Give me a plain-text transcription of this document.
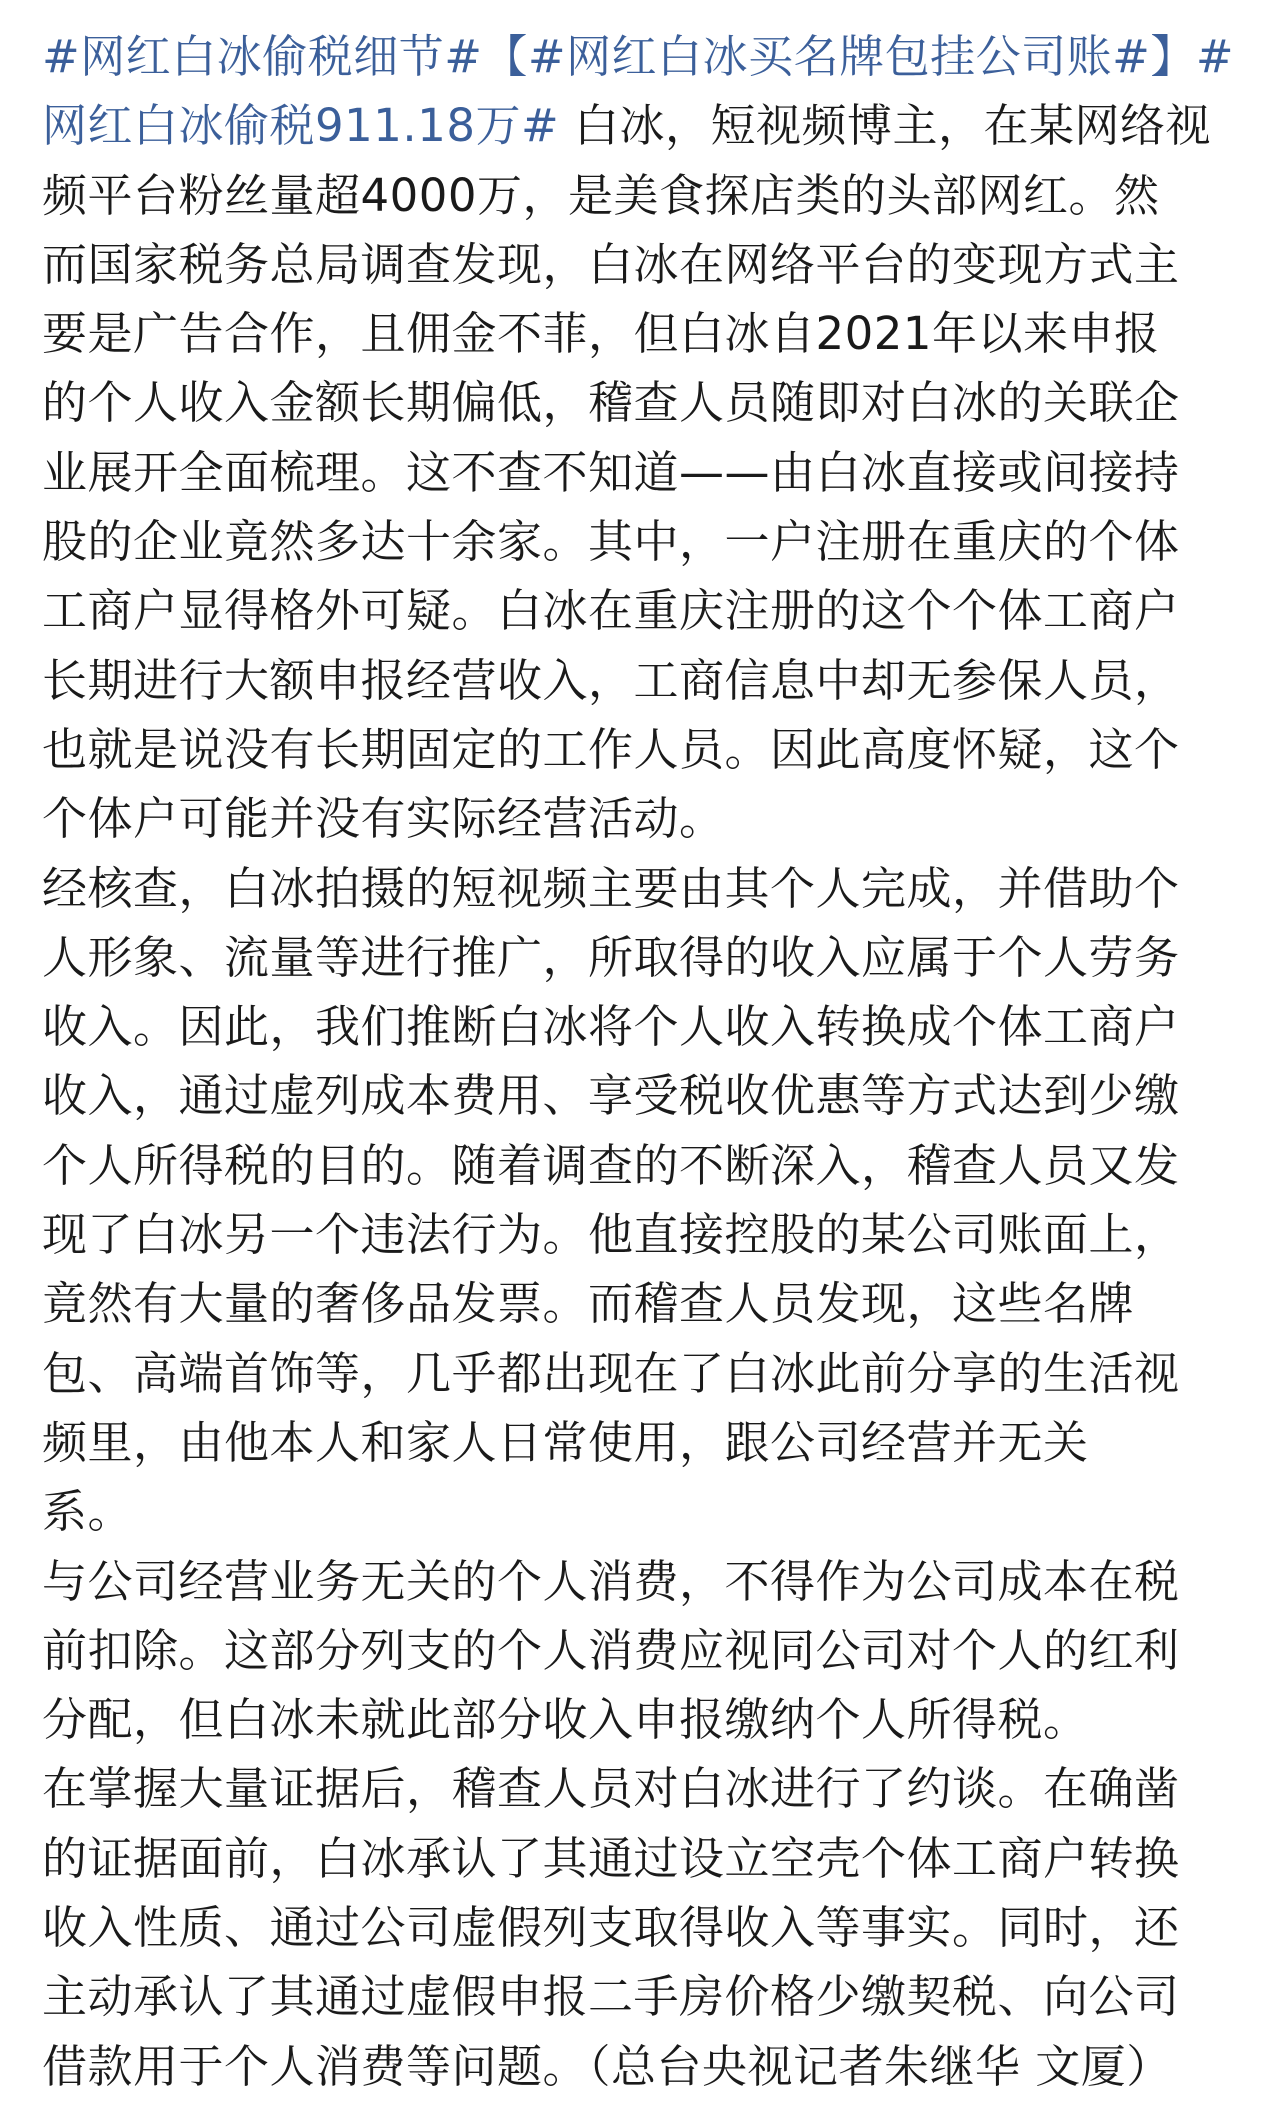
#网红白冰偷税细节#【#网红白冰买名牌包挂公司账#】#
网红白冰偷税911.18万# 白冰，短视频博主，在某网络视
频平台粉丝量超4000万，是美食探店类的头部网红。然
而国家税务总局调查发现，白冰在网络平台的变现方式主
要是广告合作，且佣金不菲，但白冰自2021年以来申报
的个人收入金额长期偏低，稽查人员随即对白冰的关联企
业展开全面梳理。这不查不知道——由白冰直接或间接持
股的企业竟然多达十余家。其中，一户注册在重庆的个体
工商户显得格外可疑。白冰在重庆注册的这个个体工商户
长期进行大额申报经营收入，工商信息中却无参保人员，
也就是说没有长期固定的工作人员。因此高度怀疑，这个
个体户可能并没有实际经营活动。
经核查，白冰拍摄的短视频主要由其个人完成，并借助个
人形象、流量等进行推广，所取得的收入应属于个人劳务
收入。因此，我们推断白冰将个人收入转换成个体工商户
收入，通过虚列成本费用、享受税收优惠等方式达到少缴
个人所得税的目的。随着调查的不断深入，稽查人员又发
现了白冰另一个违法行为。他直接控股的某公司账面上，
竟然有大量的奢侈品发票。而稽查人员发现，这些名牌
包、高端首饰等，几乎都出现在了白冰此前分享的生活视
频里，由他本人和家人日常使用，跟公司经营并无关
系。
与公司经营业务无关的个人消费，不得作为公司成本在税
前扣除。这部分列支的个人消费应视同公司对个人的红利
分配，但白冰未就此部分收入申报缴纳个人所得税。
在掌握大量证据后，稽查人员对白冰进行了约谈。在确凿
的证据面前，白冰承认了其通过设立空壳个体工商户转换
收入性质、通过公司虚假列支取得收入等事实。同时，还
主动承认了其通过虚假申报二手房价格少缴契税、向公司
借款用于个人消费等问题。（总台央视记者朱继华 文厦）
